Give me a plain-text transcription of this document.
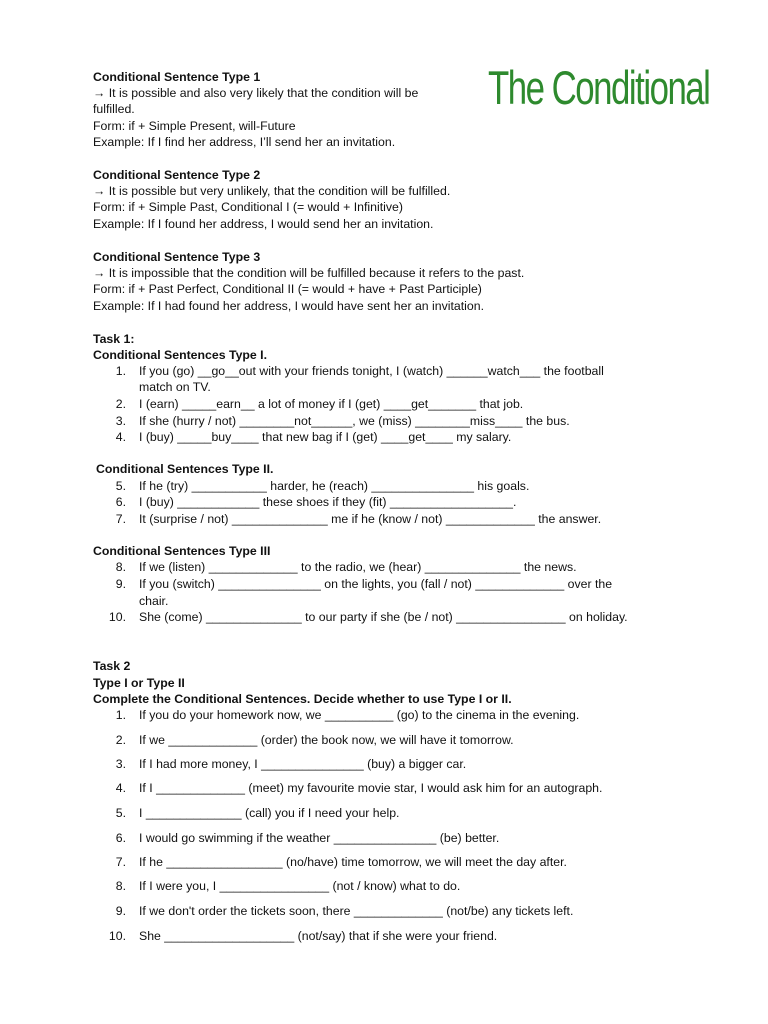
The Conditional
Conditional Sentence Type 1
→ It is possible and also very likely that the condition will be
fulfilled.
Form: if + Simple Present, will-Future
Example: If I find her address, I’ll send her an invitation.
Conditional Sentence Type 2
→ It is possible but very unlikely, that the condition will be fulfilled.
Form: if + Simple Past, Conditional I (= would + Infinitive)
Example: If I found her address, I would send her an invitation.
Conditional Sentence Type 3
→ It is impossible that the condition will be fulfilled because it refers to the past.
Form: if + Past Perfect, Conditional II (= would + have + Past Participle)
Example: If I had found her address, I would have sent her an invitation.
Task 1:
Conditional Sentences Type I.
1. If you (go) __go__out with your friends tonight, I (watch) ______watch___ the football
match on TV.
2. I (earn) _____earn__ a lot of money if I (get) ____get_______ that job.
3. If she (hurry / not) ________not______, we (miss) ________miss____ the bus.
4. I (buy) _____buy____ that new bag if I (get) ____get____ my salary.
Conditional Sentences Type II.
5. If he (try) ___________ harder, he (reach) _______________ his goals.
6. I (buy) ____________ these shoes if they (fit) __________________.
7. It (surprise / not) ______________ me if he (know / not) _____________ the answer.
Conditional Sentences Type III
8. If we (listen) _____________ to the radio, we (hear) ______________ the news.
9. If you (switch) _______________ on the lights, you (fall / not) _____________ over the
chair.
10. She (come) ______________ to our party if she (be / not) ________________ on holiday.
Task 2
Type I or Type II
Complete the Conditional Sentences. Decide whether to use Type I or II.
1. If you do your homework now, we __________ (go) to the cinema in the evening.
2. If we _____________ (order) the book now, we will have it tomorrow.
3. If I had more money, I _______________ (buy) a bigger car.
4. If I _____________ (meet) my favourite movie star, I would ask him for an autograph.
5. I ______________ (call) you if I need your help.
6. I would go swimming if the weather _______________ (be) better.
7. If he _________________ (no/have) time tomorrow, we will meet the day after.
8. If I were you, I ________________ (not / know) what to do.
9. If we don't order the tickets soon, there _____________ (not/be) any tickets left.
10. She ___________________ (not/say) that if she were your friend.
